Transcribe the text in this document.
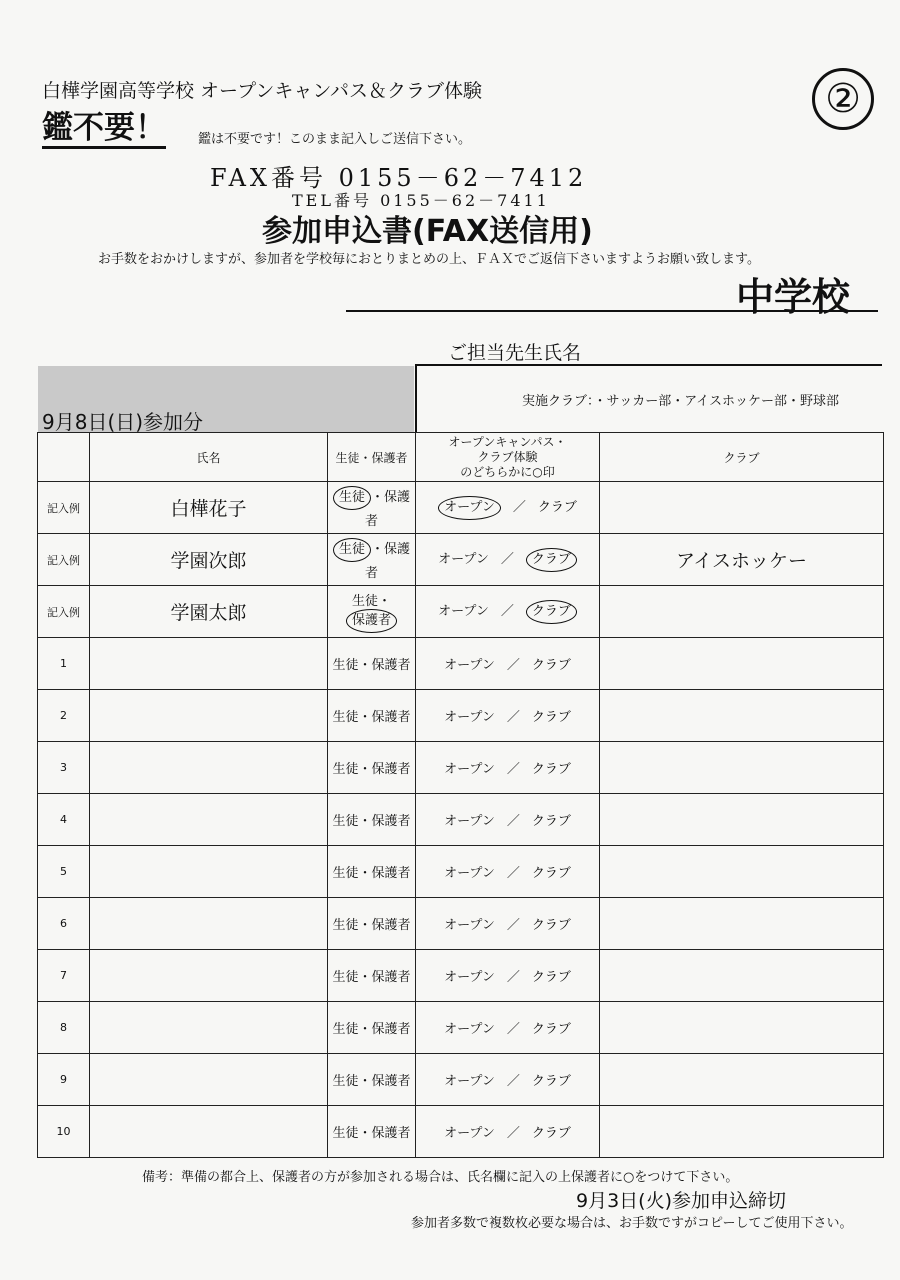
白樺学園高等学校 オープンキャンパス＆クラブ体験	②
鑑不要！ 鑑は不要です！このまま記入しご送信下さい。
FAX番号 0155－62－7412
TEL番号 0155－62－7411
参加申込書(FAX送信用)
お手数をおかけしますが、参加者を学校毎におとりまとめの上、ＦＡＸでご返信下さいますようお願い致します。
中学校
ご担当先生氏名
実施クラブ：・サッカー部・アイスホッケー部・野球部
9月8日(日)参加分
	氏名	生徒・保護者	オープンキャンパス・
クラブ体験
のどちらかに○印	クラブ
記入例	白樺花子	生徒 ・保護者	オープン ／ クラブ	
記入例	学園次郎	生徒 ・保護者	オープン ／ クラブ	アイスホッケー
記入例	学園太郎	生徒・保護者	オープン ／ クラブ	
1		生徒・保護者	オープン ／ クラブ	
2		生徒・保護者	オープン ／ クラブ	
3		生徒・保護者	オープン ／ クラブ	
4		生徒・保護者	オープン ／ クラブ	
5		生徒・保護者	オープン ／ クラブ	
6		生徒・保護者	オープン ／ クラブ	
7		生徒・保護者	オープン ／ クラブ	
8		生徒・保護者	オープン ／ クラブ	
9		生徒・保護者	オープン ／ クラブ	
10		生徒・保護者	オープン ／ クラブ	
備考：準備の都合上、保護者の方が参加される場合は、氏名欄に記入の上保護者に○をつけて下さい。
9月3日(火)参加申込締切
参加者多数で複数枚必要な場合は、お手数ですがコピーしてご使用下さい。
